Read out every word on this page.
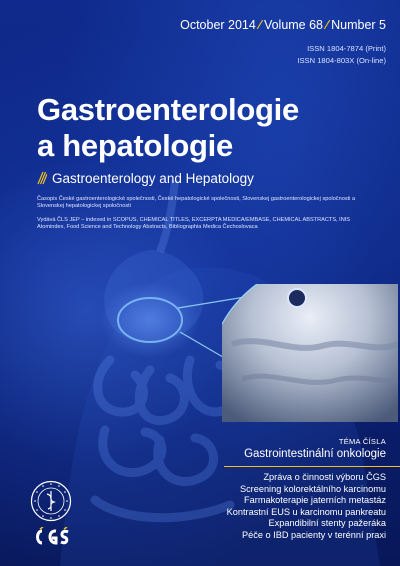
October 2014 ⁄ Volume 68 ⁄ Number 5
ISSN 1804-7874 (Print)
ISSN 1804-803X (On-line)
Gastroenterologie
a hepatologie
Gastroenterology and Hepatology
Časopis České gastroenterologické společnosti, České hepatologické společnosti, Slovenskej gastroenterologickej spoločnosti a Slovenskej hepatologickej spoločnosti
Vydává ČLS JEP – indexed in SCOPUS, CHEMICAL TITLES, EXCERPTA MEDICA/EMBASE, CHEMICAL ABSTRACTS, INIS Atomindex, Food Science and Technology Abstracts, Bibliographia Medica Čechoslovaca
TÉMA ČÍSLA
Gastrointestinální onkologie
Zpráva o činnosti výboru ČGS
Screening kolorektálního karcinomu
Farmakoterapie jaterních metastáz
Kontrastní EUS u karcinomu pankreatu
Expandibilní stenty pažeráka
Péče o IBD pacienty v terénní praxi
